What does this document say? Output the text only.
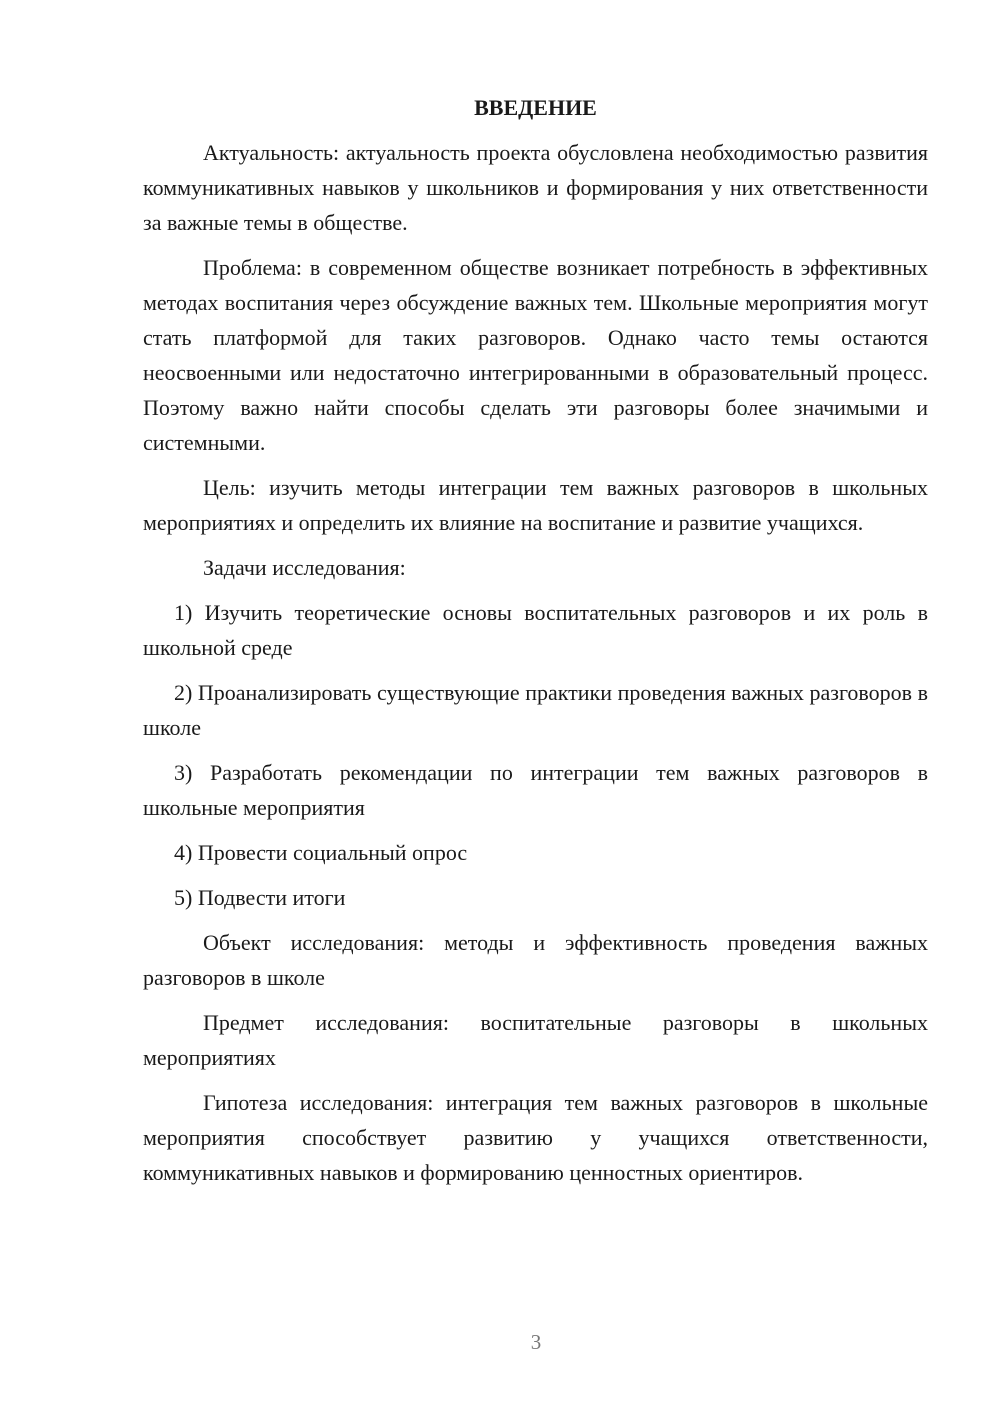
ВВЕДЕНИЕ

Актуальность: актуальность проекта обусловлена необходимостью развития коммуникативных навыков у школьников и формирования у них ответственности за важные темы в обществе.

Проблема: в современном обществе возникает потребность в эффективных методах воспитания через обсуждение важных тем. Школьные мероприятия могут стать платформой для таких разговоров. Однако часто темы остаются неосвоенными или недостаточно интегрированными в образовательный процесс. Поэтому важно найти способы сделать эти разговоры более значимыми и системными.

Цель: изучить методы интеграции тем важных разговоров в школьных мероприятиях и определить их влияние на воспитание и развитие учащихся.

Задачи исследования:

1) Изучить теоретические основы воспитательных разговоров и их роль в школьной среде

2) Проанализировать существующие практики проведения важных разговоров в школе

3) Разработать рекомендации по интеграции тем важных разговоров в школьные мероприятия

4) Провести социальный опрос

5) Подвести итоги

Объект исследования: методы и эффективность проведения важных разговоров в школе

Предмет исследования: воспитательные разговоры в школьных мероприятиях

Гипотеза исследования: интеграция тем важных разговоров в школьные мероприятия способствует развитию у учащихся ответственности, коммуникативных навыков и формированию ценностных ориентиров.

3
